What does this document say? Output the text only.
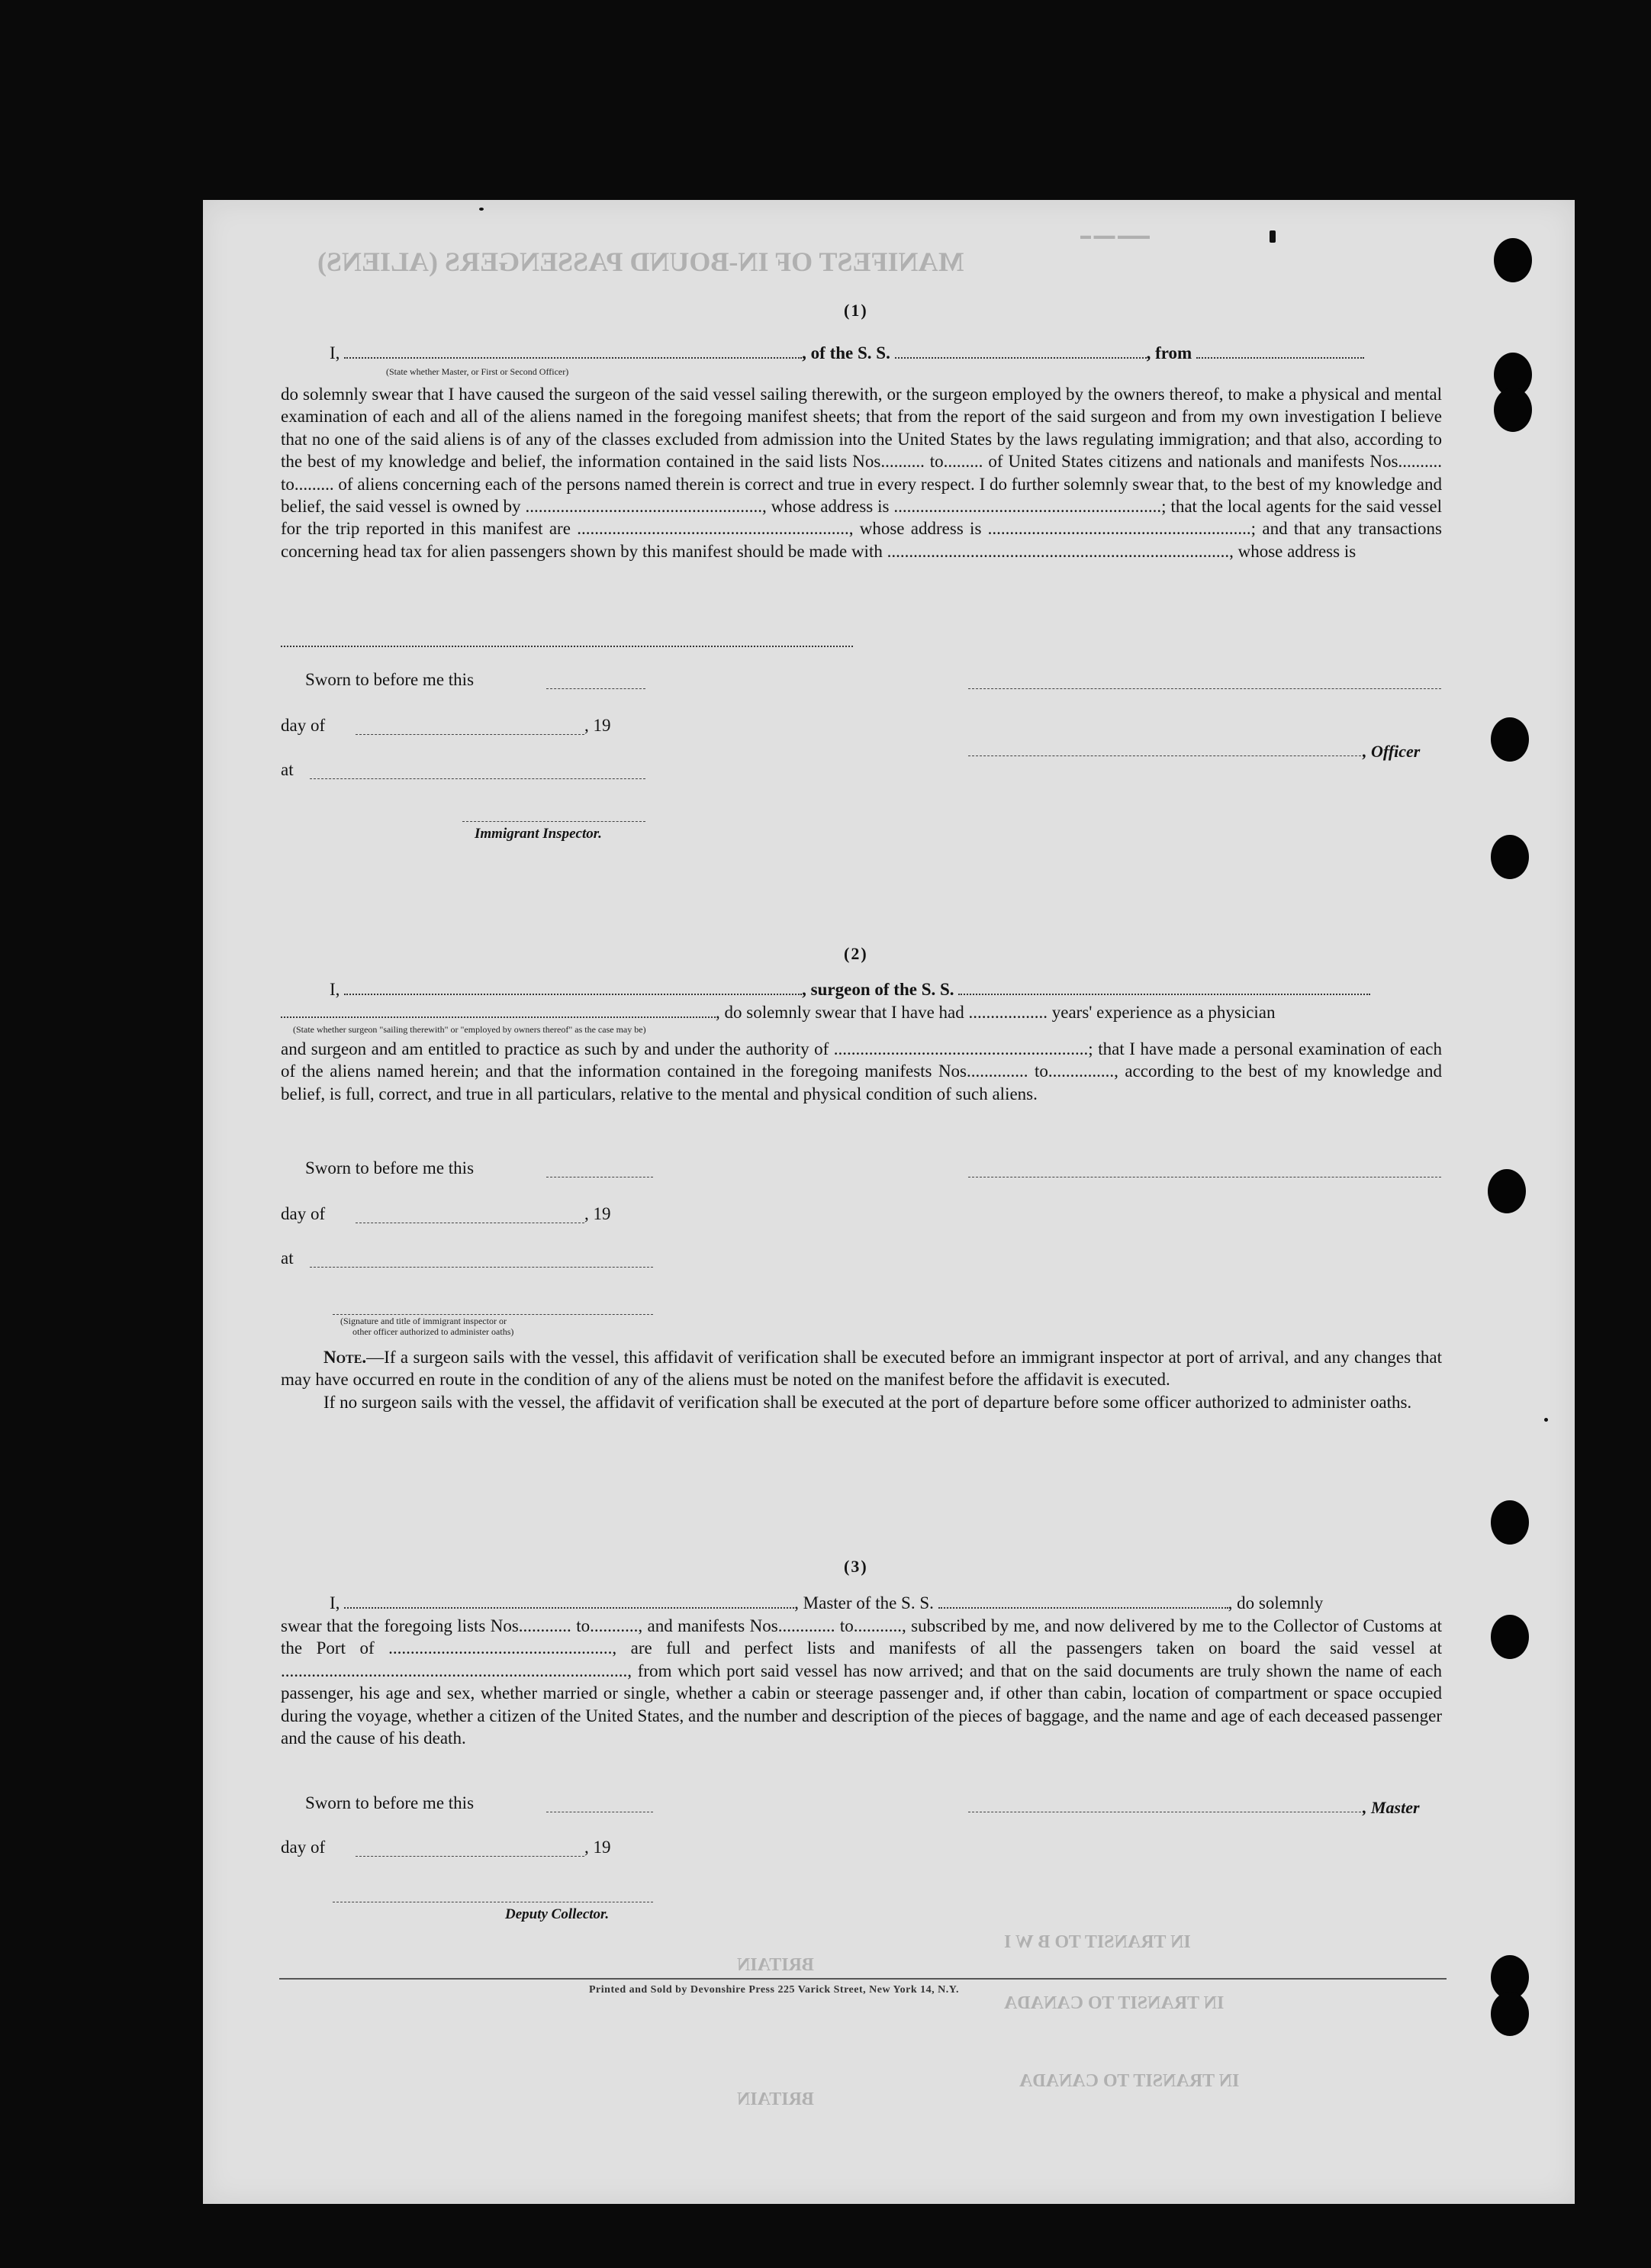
MANIFEST OF IN-BOUND PASSENGERS (ALIENS)
▬ ▬▬ ▬▬▬
(1)
I,	, of the S. S.	, from
(State whether Master, or First or Second Officer)

do solemnly swear that I have caused the surgeon of the said vessel sailing therewith, or the surgeon employed by the owners thereof, to make a physical and mental examination of each and all of the aliens named in the foregoing manifest sheets; that from the report of the said surgeon and from my own investigation I believe that no one of the said aliens is of any of the classes excluded from admission into the United States by the laws regulating immigration; and that also, according to the best of my knowledge and belief, the information contained in the said lists Nos.......... to......... of United States citizens and nationals and manifests Nos.......... to......... of aliens concerning each of the persons named therein is correct and true in every respect. I do further solemnly swear that, to the best of my knowledge and belief, the said vessel is owned by ......................................................, whose address is .............................................................; that the local agents for the said vessel for the trip reported in this manifest are .............................................................., whose address is ............................................................; and that any transactions concerning head tax for alien passengers shown by this manifest should be made with .............................................................................., whose address is

Sworn to before me this
day of	, 19
at
Immigrant Inspector.
, Officer
(2)
I,	, surgeon of the S. S.
, do solemnly swear that I have had .................. years' experience as a physician
(State whether surgeon "sailing therewith" or "employed by owners thereof" as the case may be)

and surgeon and am entitled to practice as such by and under the authority of ..........................................................; that I have made a personal examination of each of the aliens named herein; and that the information contained in the foregoing manifests Nos.............. to..............., according to the best of my knowledge and belief, is full, correct, and true in all particulars, relative to the mental and physical condition of such aliens.

Sworn to before me this
day of	, 19
at
(Signature and title of immigrant inspector or
other officer authorized to administer oaths)

Note.—If a surgeon sails with the vessel, this affidavit of verification shall be executed before an immigrant inspector at port of arrival, and any changes that may have occurred en route in the condition of any of the aliens must be noted on the manifest before the affidavit is executed.

If no surgeon sails with the vessel, the affidavit of verification shall be executed at the port of departure before some officer authorized to administer oaths.

(3)
I,	, Master of the S. S.	, do solemnly

swear that the foregoing lists Nos............ to..........., and manifests Nos............. to..........., subscribed by me, and now delivered by me to the Collector of Customs at the Port of ..................................................., are full and perfect lists and manifests of all the passengers taken on board the said vessel at ..............................................................................., from which port said vessel has now arrived; and that on the said documents are truly shown the name of each passenger, his age and sex, whether married or single, whether a cabin or steerage passenger and, if other than cabin, location of compartment or space occupied during the voyage, whether a citizen of the United States, and the number and description of the pieces of baggage, and the name and age of each deceased passenger and the cause of his death.

Sworn to before me this
day of	, 19
Deputy Collector.
, Master
Printed and Sold by Devonshire Press 225 Varick Street, New York 14, N.Y.
IN TRANSIT TO B W I
IN TRANSIT TO CANADA
IN TRANSIT TO CANADA
BRITAIN
BRITAIN
